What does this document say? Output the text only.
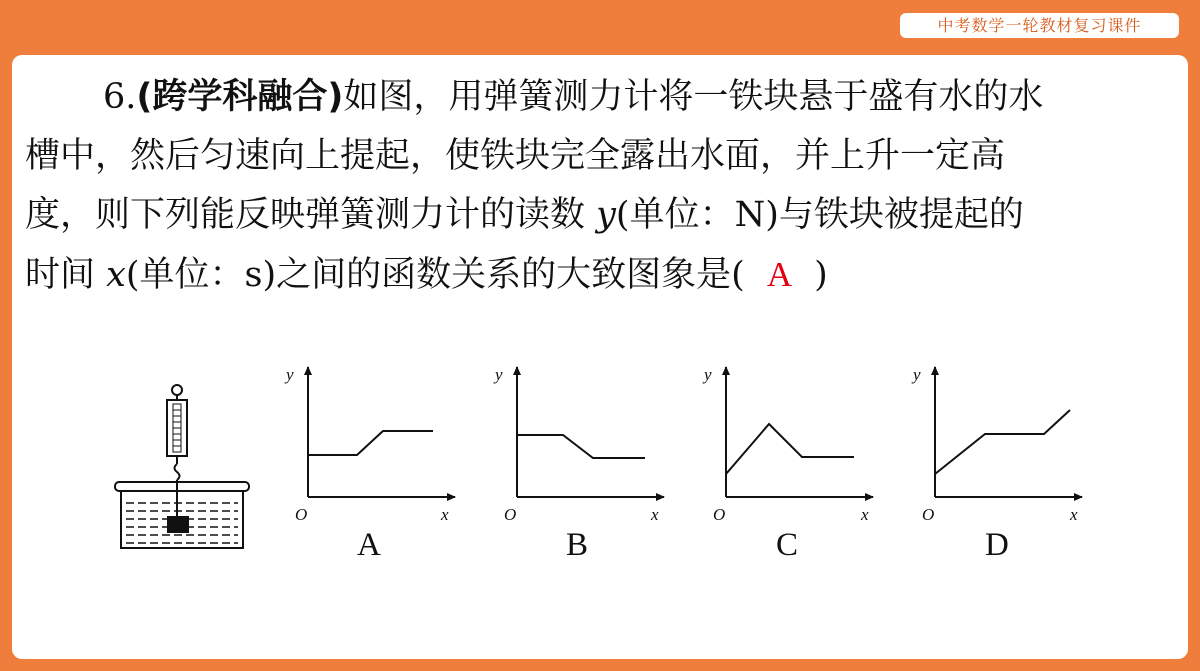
中考数学一轮教材复习课件

6.(跨学科融合)如图，用弹簧测力计将一铁块悬于盛有水的水

槽中，然后匀速向上提起，使铁块完全露出水面，并上升一定高

度，则下列能反映弹簧测力计的读数 y(单位：N)与铁块被提起的

时间 x(单位：s)之间的函数关系的大致图象是( A )

y
x
O
y
x
O
y
x
O
y
x
O
A	B	C	D
